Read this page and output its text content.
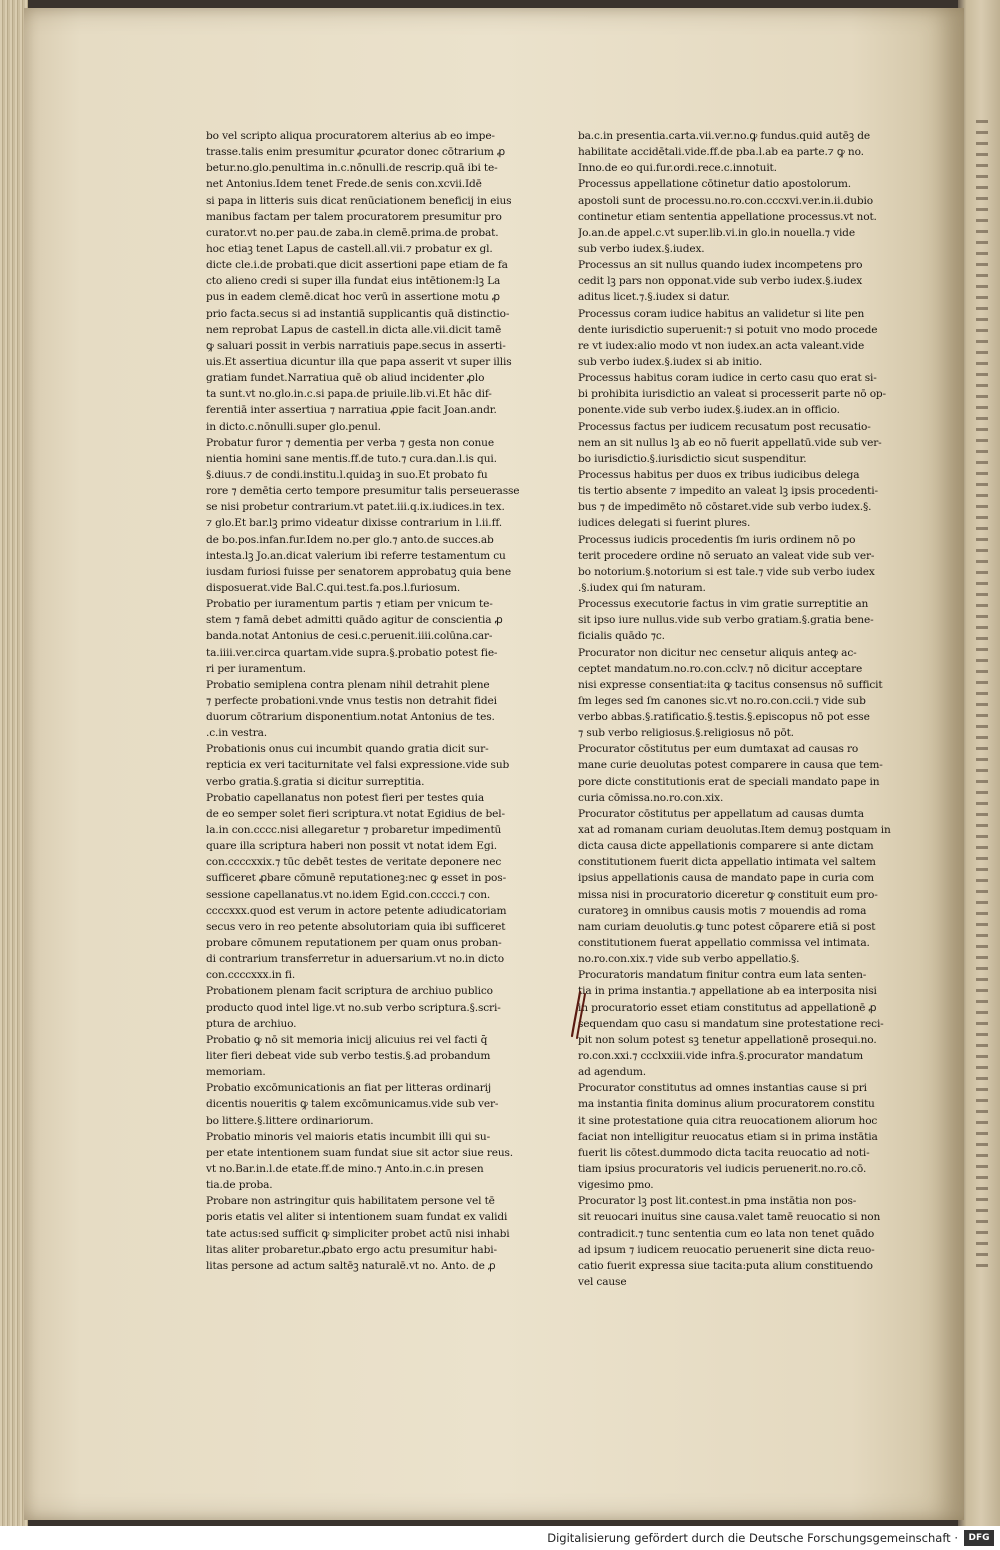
bo vel scripto aliqua procuratorem alterius ab eo impe-
trasse.talis enim presumitur ꝓcurator donec cōtrarium ꝓ
betur.no.glo.penultima in.c.nōnulli.de rescrip.quā ibi te-
net Antonius.Idem tenet Frede.de senis con.xcvii.Idē
si papa in litteris suis dicat renūciationem beneficij in eius
manibus factam per talem procuratorem presumitur pro
curator.vt no.per pau.de zaba.in clemē.prima.de probat.
hoc etiaꝫ tenet Lapus de castell.all.vii.⁊ probatur ex gl.
dicte cle.i.de probati.que dicit assertioni pape etiam de fa
cto alieno credi si super illa fundat eius intētionem:lꝫ La
pus in eadem clemē.dicat hoc verū in assertione motu ꝓ
prio facta.secus si ad instantiā supplicantis quā distinctio-
nem reprobat Lapus de castell.in dicta alle.vii.dicit tamē
ꝙ saluari possit in verbis narratiuis pape.secus in asserti-
uis.Et assertiua dicuntur illa que papa asserit vt super illis
gratiam fundet.Narratiua quē ob aliud incidenter ꝓlo
ta sunt.vt no.glo.in.c.si papa.de priuile.lib.vi.Et hāc dif-
ferentiā inter assertiua ⁊ narratiua ꝓpie facit Joan.andr.
in dicto.c.nōnulli.super glo.penul.
Probatur furor ⁊ dementia per verba ⁊ gesta non conue
nientia homini sane mentis.ff.de tuto.⁊ cura.dan.l.is qui.
§.diuus.⁊ de condi.institu.l.quidaꝫ in suo.Et probato fu
rore ⁊ demētia certo tempore presumitur talis perseuerasse
se nisi probetur contrarium.vt patet.iii.q.ix.iudices.in tex.
⁊ glo.Et bar.lꝫ primo videatur dixisse contrarium in l.ii.ff.
de bo.pos.infan.fur.Idem no.per glo.⁊ anto.de succes.ab
intesta.lꝫ Jo.an.dicat valerium ibi referre testamentum cu
iusdam furiosi fuisse per senatorem approbatuꝫ quia bene
disposuerat.vide Bal.C.qui.test.fa.pos.l.furiosum.
Probatio per iuramentum partis ⁊ etiam per vnicum te-
stem ⁊ famā debet admitti quādo agitur de conscientia ꝓ
banda.notat Antonius de cesi.c.peruenit.iiii.colūna.car-
ta.iiii.ver.circa quartam.vide supra.§.probatio potest fie-
ri per iuramentum.
Probatio semiplena contra plenam nihil detrahit plene
⁊ perfecte probationi.vnde vnus testis non detrahit fidei
duorum cōtrarium disponentium.notat Antonius de tes.
.c.in vestra.
Probationis onus cui incumbit quando gratia dicit sur-
repticia ex veri taciturnitate vel falsi expressione.vide sub
verbo gratia.§.gratia si dicitur surreptitia.
Probatio capellanatus non potest fieri per testes quia
de eo semper solet fieri scriptura.vt notat Egidius de bel-
la.in con.cccc.nisi allegaretur ⁊ probaretur impedimentū
quare illa scriptura haberi non possit vt notat idem Egi.
con.ccccxxix.⁊ tūc debēt testes de veritate deponere nec
sufficeret ꝓbare cōmunē reputationeꝫ:nec ꝙ esset in pos-
sessione capellanatus.vt no.idem Egid.con.cccci.⁊ con.
ccccxxx.quod est verum in actore petente adiudicatoriam
secus vero in reo petente absolutoriam quia ibi sufficeret
probare cōmunem reputationem per quam onus proban-
di contrarium transferretur in aduersarium.vt no.in dicto
con.ccccxxx.in fi.
Probationem plenam facit scriptura de archiuo publico
producto quod intel lige.vt no.sub verbo scriptura.§.scri-
ptura de archiuo.
Probatio ꝙ nō sit memoria inicij alicuius rei vel facti q̄
liter fieri debeat vide sub verbo testis.§.ad probandum
memoriam.
Probatio excōmunicationis an fiat per litteras ordinarij
dicentis noueritis ꝙ talem excōmunicamus.vide sub ver-
bo littere.§.littere ordinariorum.
Probatio minoris vel maioris etatis incumbit illi qui su-
per etate intentionem suam fundat siue sit actor siue reus.
vt no.Bar.in.l.de etate.ff.de mino.⁊ Anto.in.c.in presen
tia.de proba.
Probare non astringitur quis habilitatem persone vel tē
poris etatis vel aliter si intentionem suam fundat ex validi
tate actus:sed sufficit ꝙ simpliciter probet actū nisi inhabi
litas aliter probaretur.ꝓbato ergo actu presumitur habi-
litas persone ad actum saltēꝫ naturalē.vt no. Anto. de ꝓ
ba.c.in presentia.carta.vii.ver.no.ꝙ fundus.quid autēꝫ de
habilitate accidētali.vide.ff.de pba.l.ab ea parte.⁊ ꝙ no.
Inno.de eo qui.fur.ordi.rece.c.innotuit.
Processus appellatione cōtinetur datio apostolorum.
apostoli sunt de processu.no.ro.con.cccxvi.ver.in.ii.dubio
continetur etiam sententia appellatione processus.vt not.
Jo.an.de appel.c.vt super.lib.vi.in glo.in nouella.⁊ vide
sub verbo iudex.§.iudex.
Processus an sit nullus quando iudex incompetens pro
cedit lꝫ pars non opponat.vide sub verbo iudex.§.iudex
aditus licet.⁊.§.iudex si datur.
Processus coram iudice habitus an validetur si lite pen
dente iurisdictio superuenit:⁊ si potuit vno modo procede
re vt iudex:alio modo vt non iudex.an acta valeant.vide
sub verbo iudex.§.iudex si ab initio.
Processus habitus coram iudice in certo casu quo erat si-
bi prohibita iurisdictio an valeat si processerit parte nō op-
ponente.vide sub verbo iudex.§.iudex.an in officio.
Processus factus per iudicem recusatum post recusatio-
nem an sit nullus lꝫ ab eo nō fuerit appellatū.vide sub ver-
bo iurisdictio.§.iurisdictio sicut suspenditur.
Processus habitus per duos ex tribus iudicibus delega
tis tertio absente ⁊ impedito an valeat lꝫ ipsis procedenti-
bus ⁊ de impedimēto nō cōstaret.vide sub verbo iudex.§.
iudices delegati si fuerint plures.
Processus iudicis procedentis ſm iuris ordinem nō po
terit procedere ordine nō seruato an valeat vide sub ver-
bo notorium.§.notorium si est tale.⁊ vide sub verbo iudex
.§.iudex qui ſm naturam.
Processus executorie factus in vim gratie surreptitie an
sit ipso iure nullus.vide sub verbo gratiam.§.gratia bene-
ficialis quādo ⁊c.
Procurator non dicitur nec censetur aliquis anteꝙ ac-
ceptet mandatum.no.ro.con.cclv.⁊ nō dicitur acceptare
nisi expresse consentiat:ita ꝙ tacitus consensus nō sufficit
ſm leges sed ſm canones sic.vt no.ro.con.ccii.⁊ vide sub
verbo abbas.§.ratificatio.§.testis.§.episcopus nō pot esse
⁊ sub verbo religiosus.§.religiosus nō pōt.
Procurator cōstitutus per eum dumtaxat ad causas ro
mane curie deuolutas potest comparere in causa que tem-
pore dicte constitutionis erat de speciali mandato pape in
curia cōmissa.no.ro.con.xix.
Procurator cōstitutus per appellatum ad causas dumta
xat ad romanam curiam deuolutas.Item demuꝫ postquam in
dicta causa dicte appellationis comparere si ante dictam
constitutionem fuerit dicta appellatio intimata vel saltem
ipsius appellationis causa de mandato pape in curia com
missa nisi in procuratorio diceretur ꝙ constituit eum pro-
curatoreꝫ in omnibus causis motis ⁊ mouendis ad roma
nam curiam deuolutis.ꝙ tunc potest cōparere etiā si post
constitutionem fuerat appellatio commissa vel intimata.
no.ro.con.xix.⁊ vide sub verbo appellatio.§.
Procuratoris mandatum finitur contra eum lata senten-
tia in prima instantia.⁊ appellatione ab ea interposita nisi
in procuratorio esset etiam constitutus ad appellationē ꝓ
sequendam quo casu si mandatum sine protestatione reci-
pit non solum potest sꝫ tenetur appellationē prosequi.no.
ro.con.xxi.⁊ ccclxxiii.vide infra.§.procurator mandatum
ad agendum.
Procurator constitutus ad omnes instantias cause si pri
ma instantia finita dominus alium procuratorem constitu
it sine protestatione quia citra reuocationem aliorum hoc
faciat non intelligitur reuocatus etiam si in prima instātia
fuerit lis cōtest.dummodo dicta tacita reuocatio ad noti-
tiam ipsius procuratoris vel iudicis peruenerit.no.ro.cō.
vigesimo pmo.
Procurator lꝫ post lit.contest.in pma instātia non pos-
sit reuocari inuitus sine causa.valet tamē reuocatio si non
contradicit.⁊ tunc sententia cum eo lata non tenet quādo
ad ipsum ⁊ iudicem reuocatio peruenerit sine dicta reuo-
catio fuerit expressa siue tacita:puta alium constituendo
vel cause
Digitalisierung gefördert durch die Deutsche Forschungsgemeinschaft ·	DFG
